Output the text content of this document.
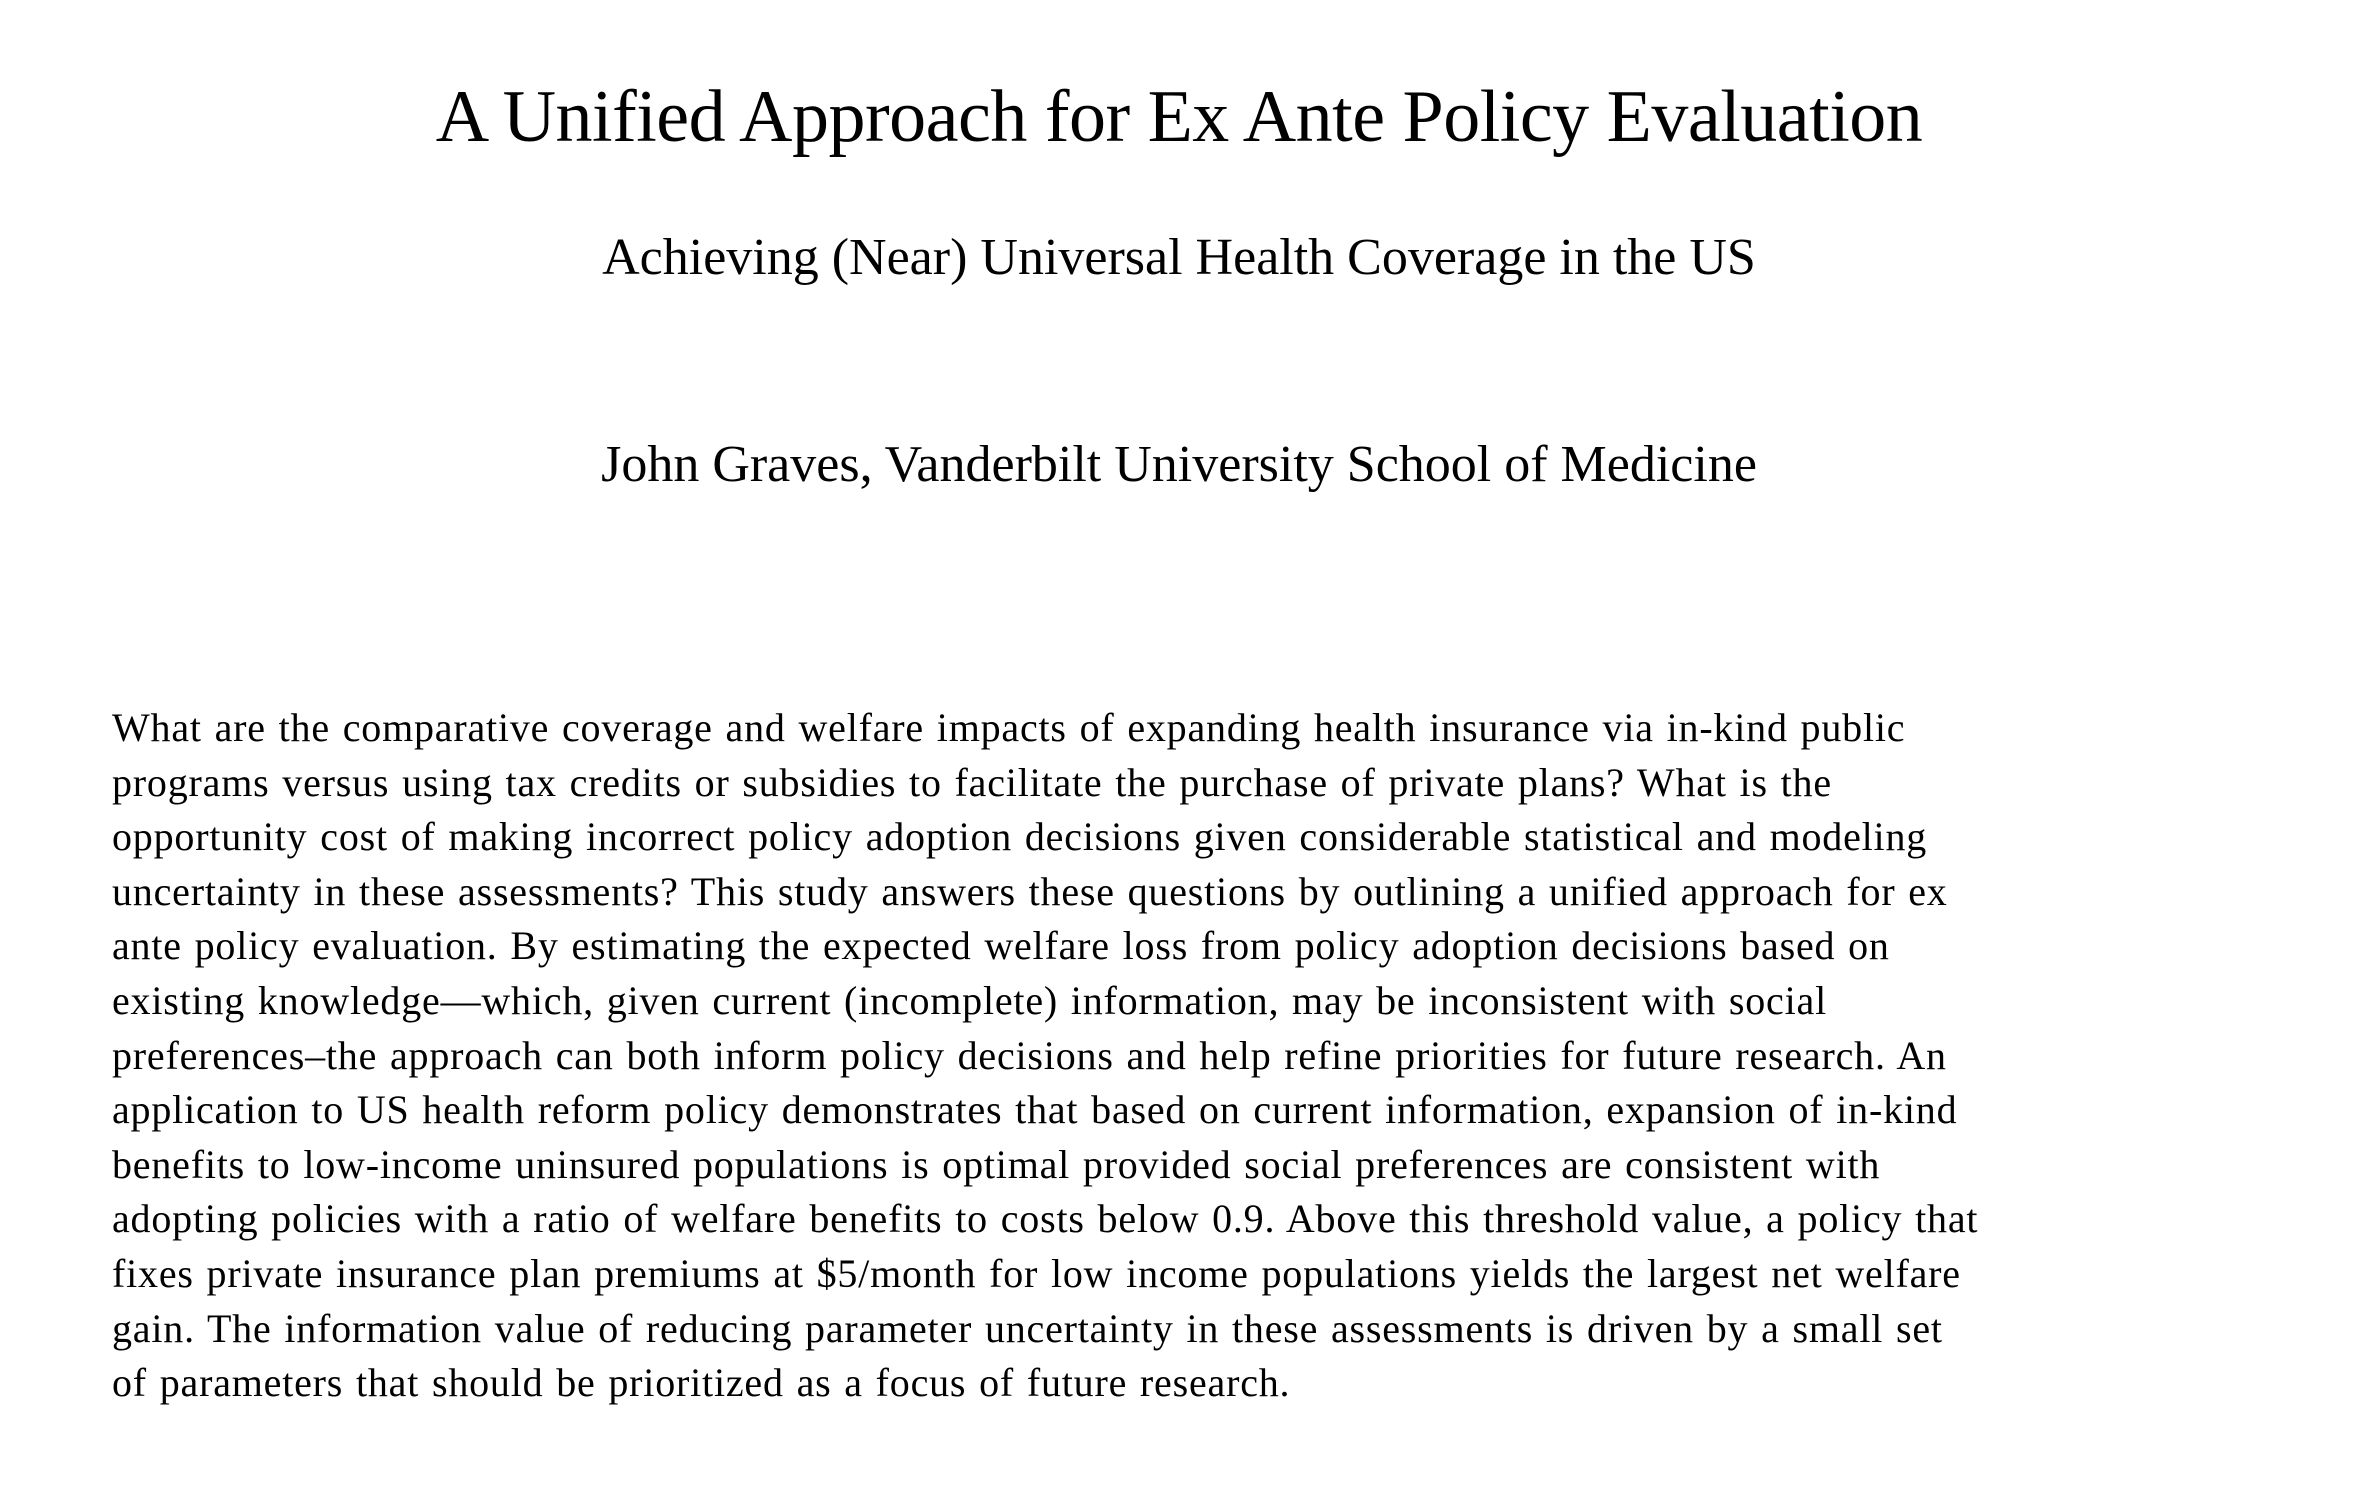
A Unified Approach for Ex Ante Policy Evaluation
Achieving (Near) Universal Health Coverage in the US
John Graves, Vanderbilt University School of Medicine
What are the comparative coverage and welfare impacts of expanding health insurance via in-kind public
programs versus using tax credits or subsidies to facilitate the purchase of private plans? What is the
opportunity cost of making incorrect policy adoption decisions given considerable statistical and modeling
uncertainty in these assessments? This study answers these questions by outlining a unified approach for ex
ante policy evaluation. By estimating the expected welfare loss from policy adoption decisions based on
existing knowledge—which, given current (incomplete) information, may be inconsistent with social
preferences–the approach can both inform policy decisions and help refine priorities for future research. An
application to US health reform policy demonstrates that based on current information, expansion of in-kind
benefits to low-income uninsured populations is optimal provided social preferences are consistent with
adopting policies with a ratio of welfare benefits to costs below 0.9. Above this threshold value, a policy that
fixes private insurance plan premiums at $5/month for low income populations yields the largest net welfare
gain. The information value of reducing parameter uncertainty in these assessments is driven by a small set
of parameters that should be prioritized as a focus of future research.
